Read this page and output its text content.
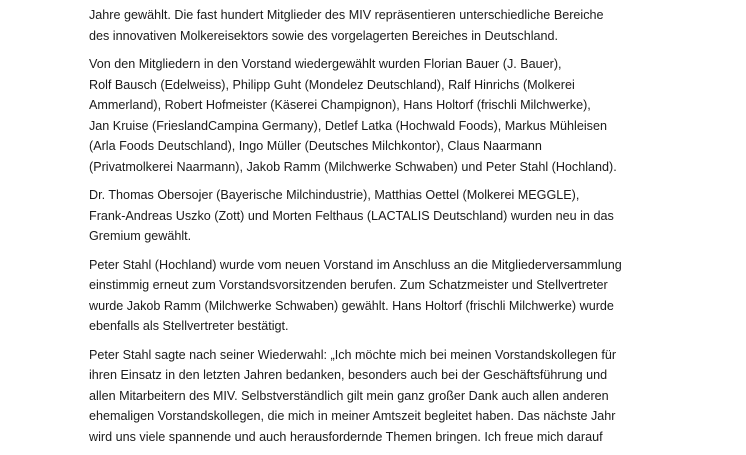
Jahre gewählt. Die fast hundert Mitglieder des MIV repräsentieren unterschiedliche Bereiche
des innovativen Molkereisektors sowie des vorgelagerten Bereiches in Deutschland.

Von den Mitgliedern in den Vorstand wiedergewählt wurden Florian Bauer (J. Bauer),
Rolf Bausch (Edelweiss), Philipp Guht (Mondelez Deutschland), Ralf Hinrichs (Molkerei
Ammerland), Robert Hofmeister (Käserei Champignon), Hans Holtorf (frischli Milchwerke),
Jan Kruise (FrieslandCampina Germany), Detlef Latka (Hochwald Foods), Markus Mühleisen
(Arla Foods Deutschland), Ingo Müller (Deutsches Milchkontor), Claus Naarmann
(Privatmolkerei Naarmann), Jakob Ramm (Milchwerke Schwaben) und Peter Stahl (Hochland).

Dr. Thomas Obersojer (Bayerische Milchindustrie), Matthias Oettel (Molkerei MEGGLE),
Frank-Andreas Uszko (Zott) und Morten Felthaus (LACTALIS Deutschland) wurden neu in das
Gremium gewählt.

Peter Stahl (Hochland) wurde vom neuen Vorstand im Anschluss an die Mitgliederversammlung
einstimmig erneut zum Vorstandsvorsitzenden berufen. Zum Schatzmeister und Stellvertreter
wurde Jakob Ramm (Milchwerke Schwaben) gewählt. Hans Holtorf (frischli Milchwerke) wurde
ebenfalls als Stellvertreter bestätigt.

Peter Stahl sagte nach seiner Wiederwahl: „Ich möchte mich bei meinen Vorstandskollegen für
ihren Einsatz in den letzten Jahren bedanken, besonders auch bei der Geschäftsführung und
allen Mitarbeitern des MIV. Selbstverständlich gilt mein ganz großer Dank auch allen anderen
ehemaligen Vorstandskollegen, die mich in meiner Amtszeit begleitet haben. Das nächste Jahr
wird uns viele spannende und auch herausfordernde Themen bringen. Ich freue mich darauf
